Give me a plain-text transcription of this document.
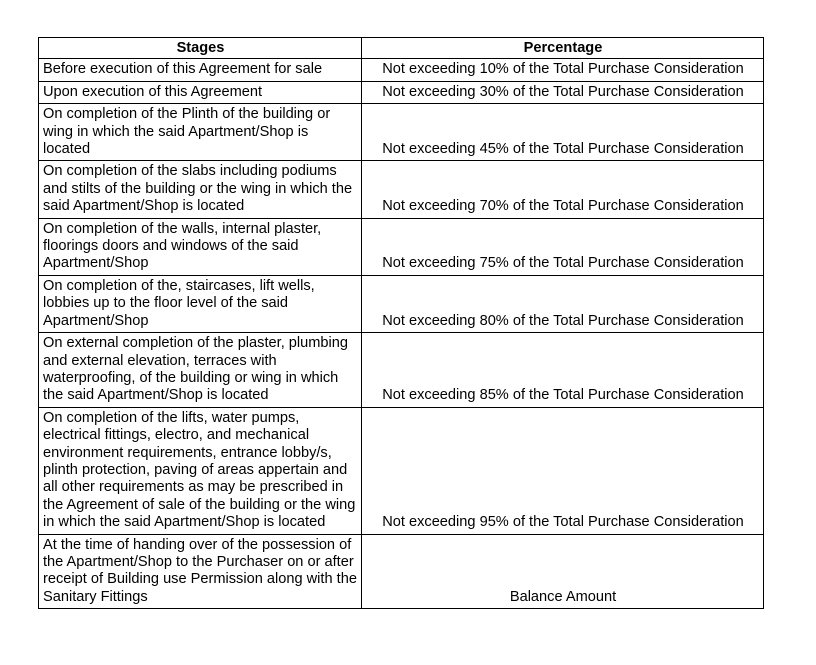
Stages	Percentage
Before execution of this Agreement for sale	Not exceeding 10% of the Total Purchase Consideration
Upon execution of this Agreement	Not exceeding 30% of the Total Purchase Consideration
On completion of the Plinth of the building or wing in which the said Apartment/Shop is located	Not exceeding 45% of the Total Purchase Consideration
On completion of the slabs including podiums and stilts of the building or the wing in which the said Apartment/Shop is located	Not exceeding 70% of the Total Purchase Consideration
On completion of the walls, internal plaster, floorings doors and windows of the said Apartment/Shop	Not exceeding 75% of the Total Purchase Consideration
On completion of the, staircases, lift wells, lobbies up to the floor level of the said Apartment/Shop	Not exceeding 80% of the Total Purchase Consideration
On external completion of the plaster, plumbing and external elevation, terraces with waterproofing, of the building or wing in which the said Apartment/Shop is located	Not exceeding 85% of the Total Purchase Consideration
On completion of the lifts, water pumps, electrical fittings, electro, and mechanical environment requirements, entrance lobby/s, plinth protection, paving of areas appertain and all other requirements as may be prescribed in the Agreement of sale of the building or the wing in which the said Apartment/Shop is located	Not exceeding 95% of the Total Purchase Consideration
At the time of handing over of the possession of the Apartment/Shop to the Purchaser on or after receipt of Building use Permission along with the Sanitary Fittings	Balance Amount
